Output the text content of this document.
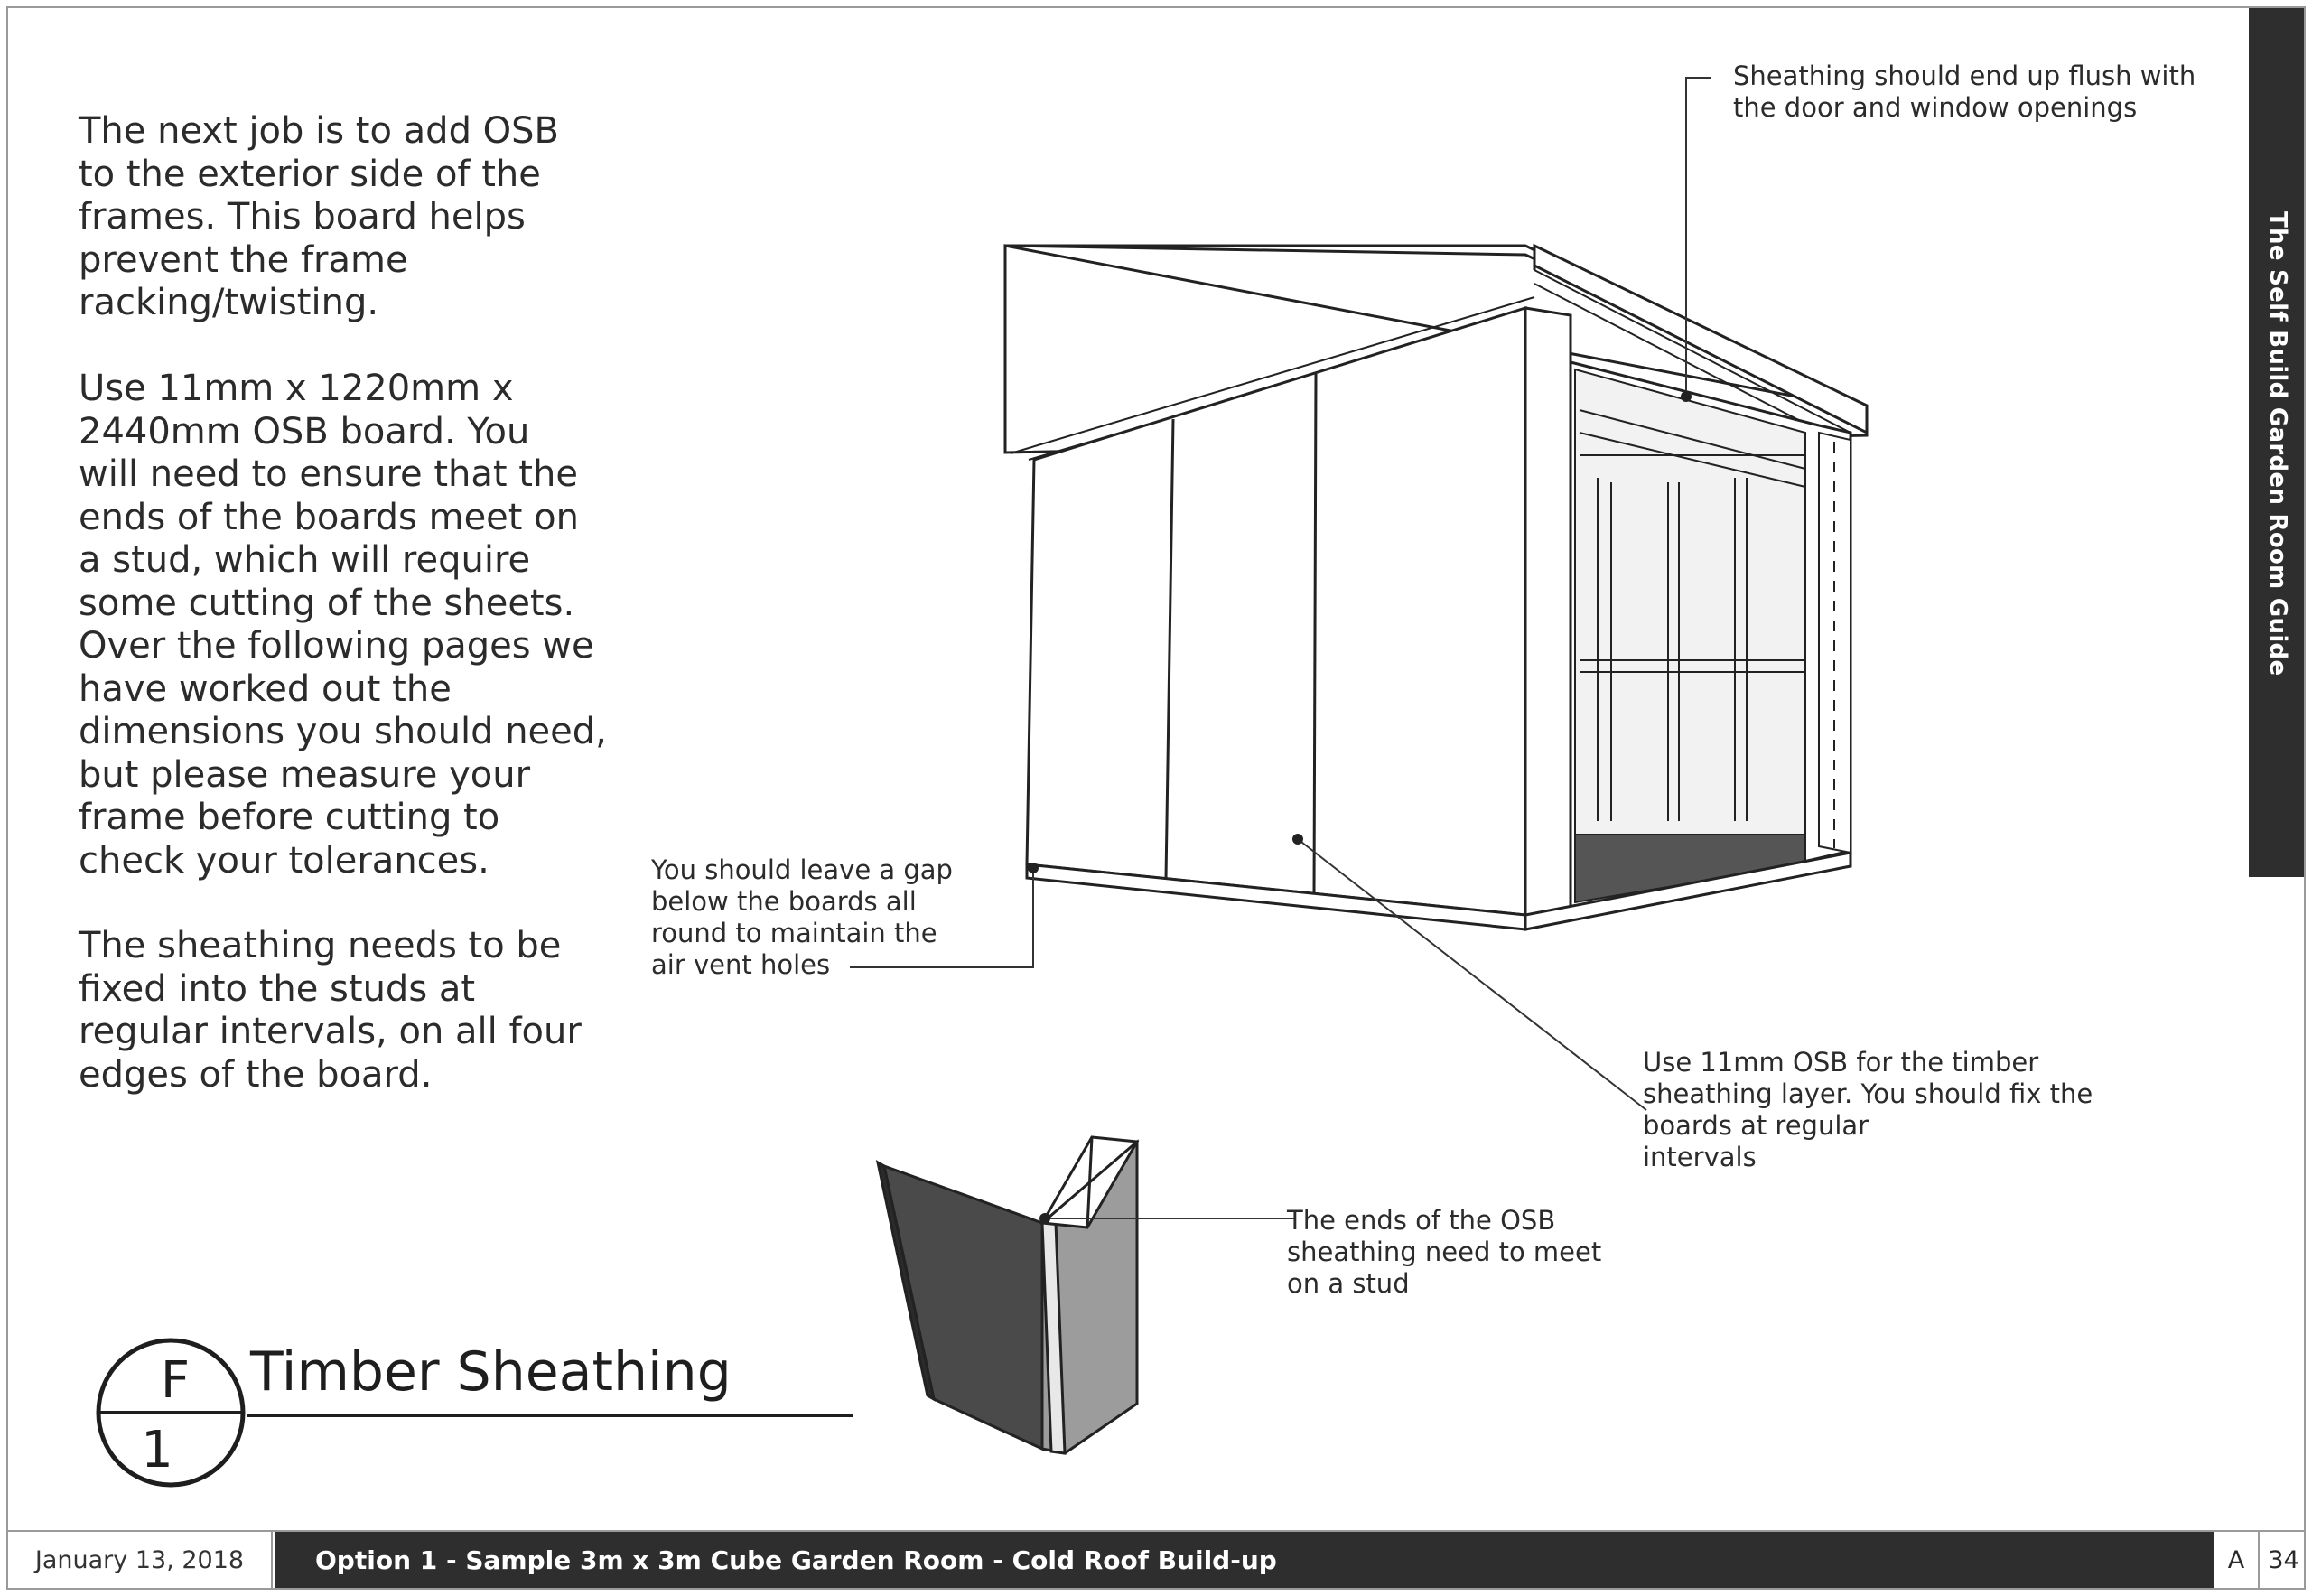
The next job is to add OSB
to the exterior side of the
frames. This board helps
prevent the frame
racking/twisting.

Use 11mm x 1220mm x
2440mm OSB board. You
will need to ensure that the
ends of the boards meet on
a stud, which will require
some cutting of the sheets.
Over the following pages we
have worked out the
dimensions you should need,
but please measure your
frame before cutting to
check your tolerances.

The sheathing needs to be
fixed into the studs at
regular intervals, on all four
edges of the board.

Sheathing should end up flush with
the door and window openings

You should leave a gap
below the boards all
round to maintain the
air vent holes

Use 11mm OSB for the timber
sheathing layer. You should fix the
boards at regular
intervals

The ends of the OSB
sheathing need to meet
on a stud

F
1
Timber Sheathing
The Self Build Garden Room Guide
January 13, 2018	Option 1 - Sample 3m x 3m Cube Garden Room - Cold Roof Build-up	A 34
